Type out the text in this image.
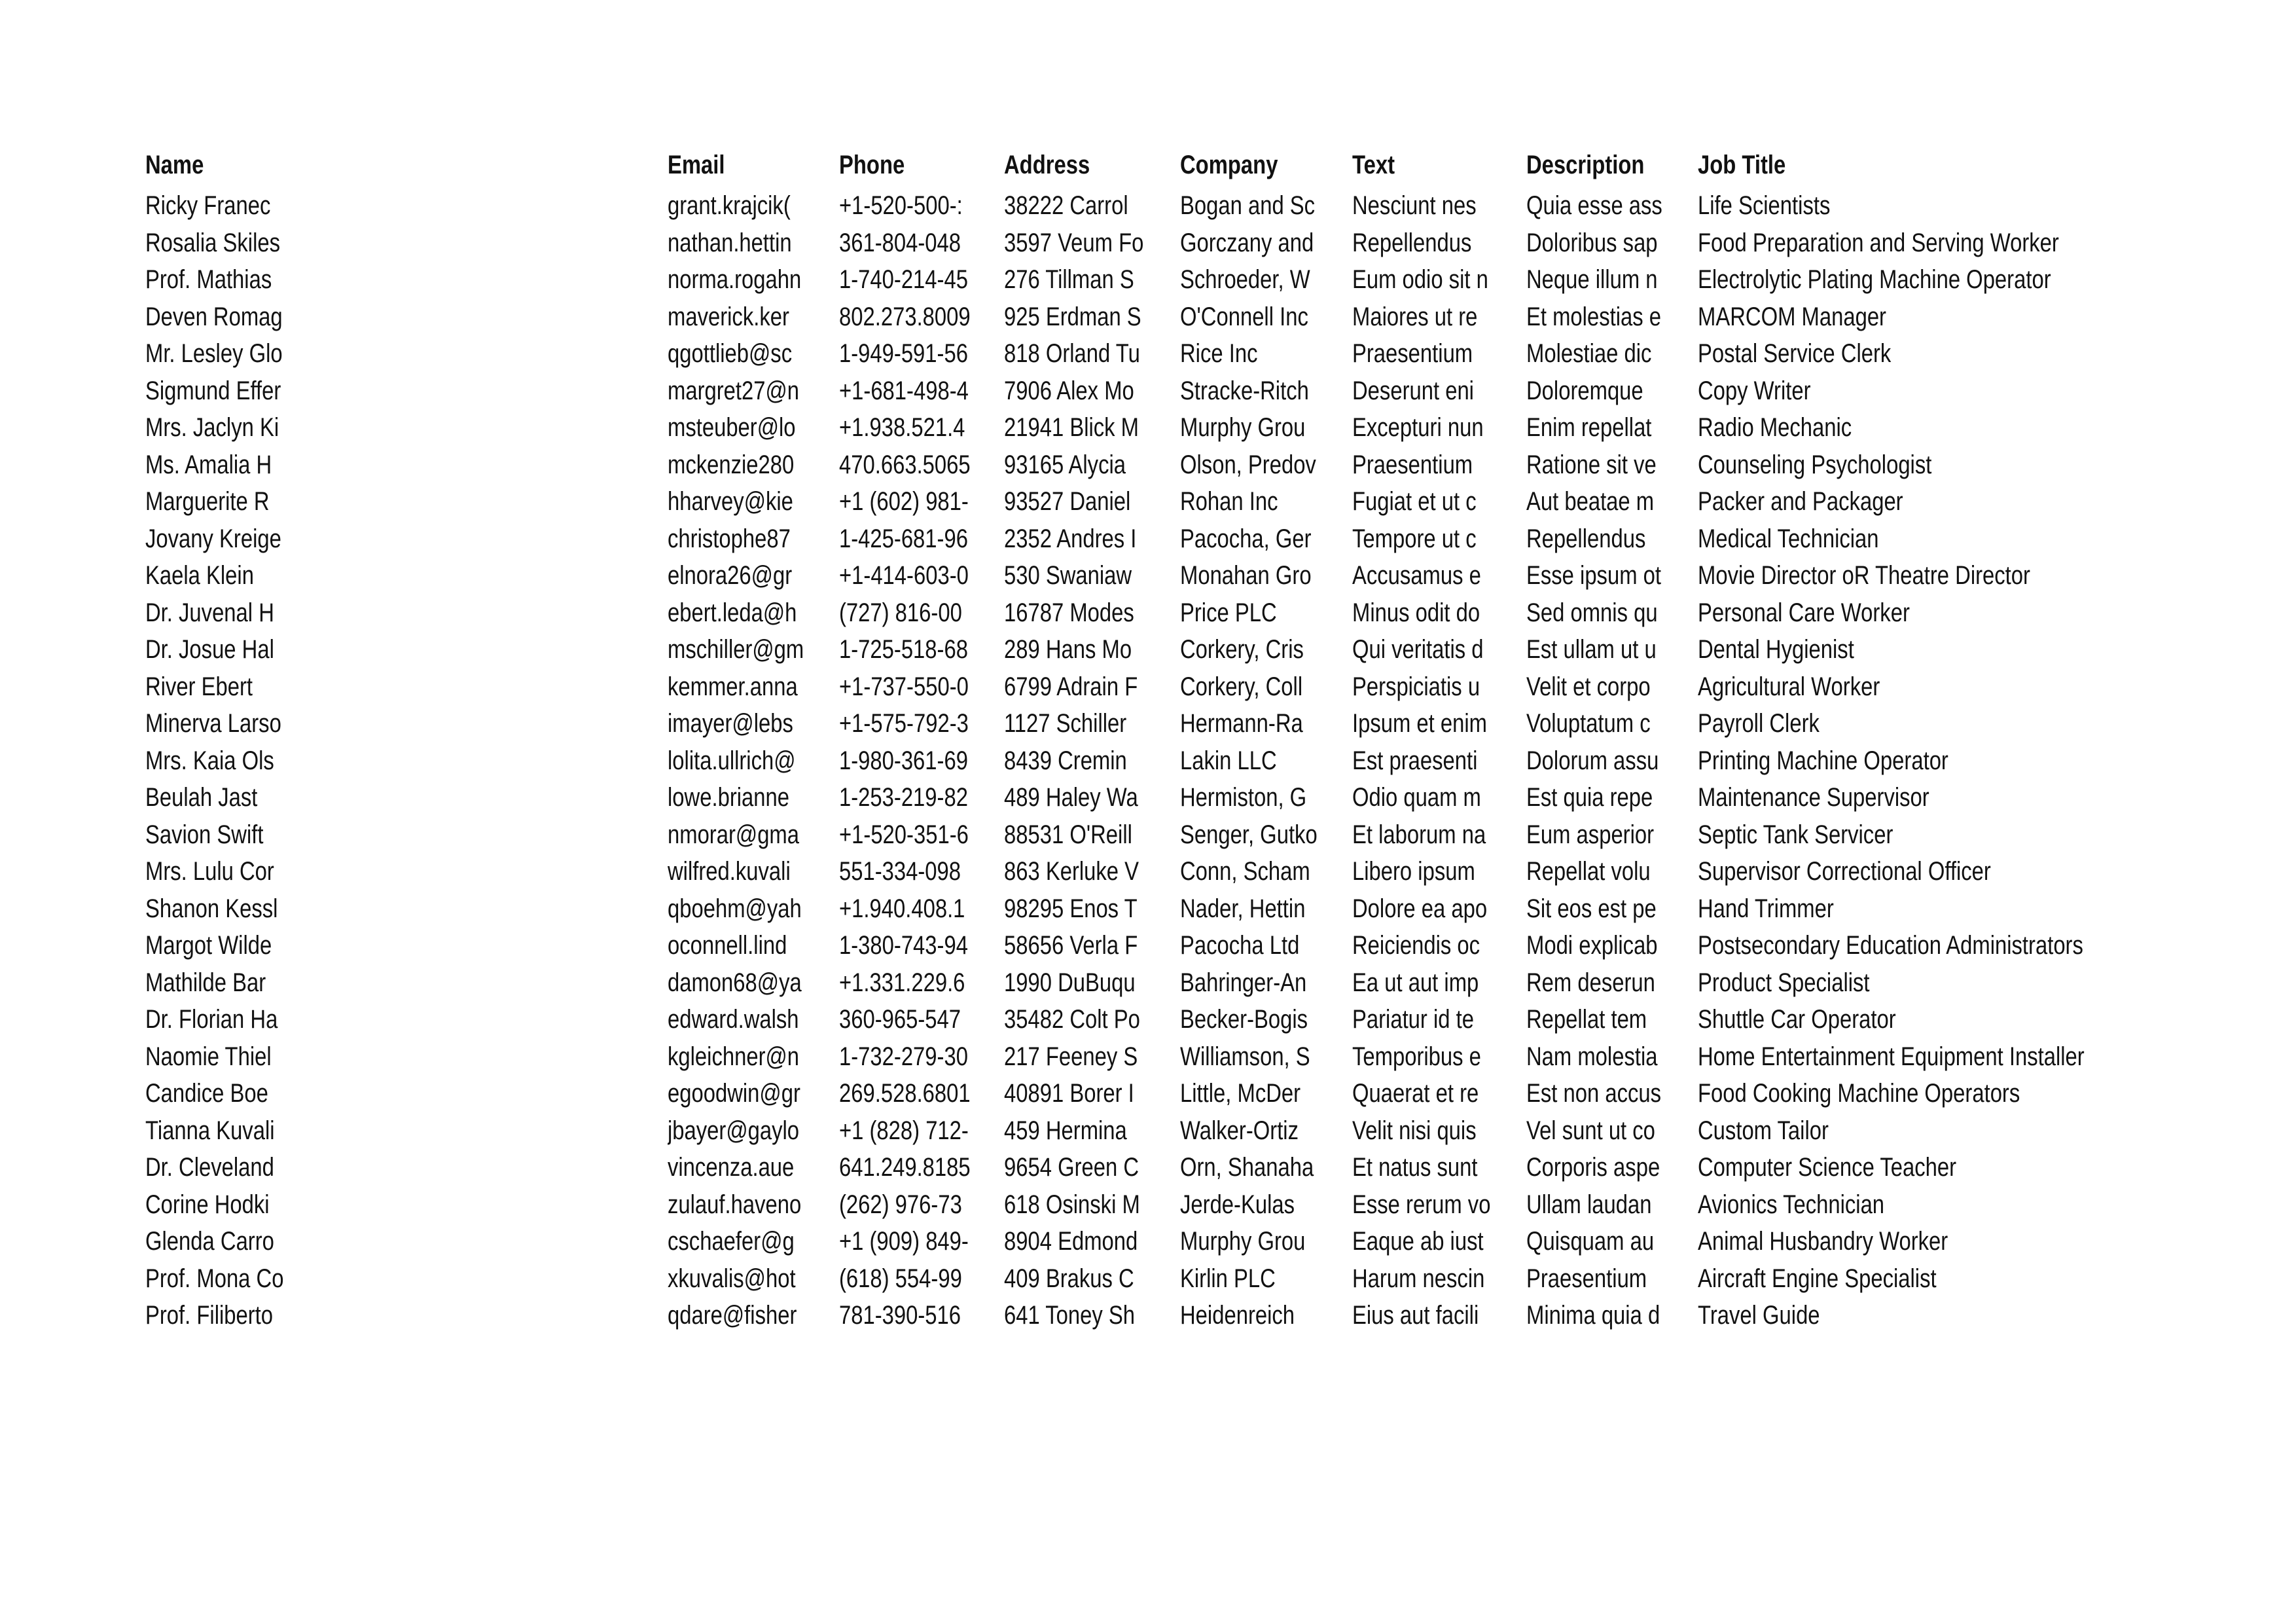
Name	Email	Phone	Address	Company	Text	Description	Job Title
Ricky Franec	grant.krajcik(	+1-520-500-:	38222 Carrol	Bogan and Sc	Nesciunt nes	Quia esse ass	Life Scientists
Rosalia Skiles	nathan.hettin	361-804-048	3597 Veum Fo	Gorczany and	Repellendus	Doloribus sap	Food Preparation and Serving Worker
Prof. Mathias	norma.rogahn	1-740-214-45	276 Tillman S	Schroeder, W	Eum odio sit n	Neque illum n	Electrolytic Plating Machine Operator
Deven Romag	maverick.ker	802.273.8009	925 Erdman S	O'Connell Inc	Maiores ut re	Et molestias e	MARCOM Manager
Mr. Lesley Glo	qgottlieb@sc	1-949-591-56	818 Orland Tu	Rice Inc	Praesentium	Molestiae dic	Postal Service Clerk
Sigmund Effer	margret27@n	+1-681-498-4	7906 Alex Mo	Stracke-Ritch	Deserunt eni	Doloremque	Copy Writer
Mrs. Jaclyn Ki	msteuber@lo	+1.938.521.4	21941 Blick M	Murphy Grou	Excepturi nun	Enim repellat	Radio Mechanic
Ms. Amalia H	mckenzie280	470.663.5065	93165 Alycia	Olson, Predov	Praesentium	Ratione sit ve	Counseling Psychologist
Marguerite R	hharvey@kie	+1 (602) 981-	93527 Daniel	Rohan Inc	Fugiat et ut c	Aut beatae m	Packer and Packager
Jovany Kreige	christophe87	1-425-681-96	2352 Andres I	Pacocha, Ger	Tempore ut c	Repellendus	Medical Technician
Kaela Klein	elnora26@gr	+1-414-603-0	530 Swaniaw	Monahan Gro	Accusamus e	Esse ipsum ot	Movie Director oR Theatre Director
Dr. Juvenal H	ebert.leda@h	(727) 816-00	16787 Modes	Price PLC	Minus odit do	Sed omnis qu	Personal Care Worker
Dr. Josue Hal	mschiller@gm	1-725-518-68	289 Hans Mo	Corkery, Cris	Qui veritatis d	Est ullam ut u	Dental Hygienist
River Ebert	kemmer.anna	+1-737-550-0	6799 Adrain F	Corkery, Coll	Perspiciatis u	Velit et corpo	Agricultural Worker
Minerva Larso	imayer@lebs	+1-575-792-3	1127 Schiller	Hermann-Ra	Ipsum et enim	Voluptatum c	Payroll Clerk
Mrs. Kaia Ols	lolita.ullrich@	1-980-361-69	8439 Cremin	Lakin LLC	Est praesenti	Dolorum assu	Printing Machine Operator
Beulah Jast	lowe.brianne	1-253-219-82	489 Haley Wa	Hermiston, G	Odio quam m	Est quia repe	Maintenance Supervisor
Savion Swift	nmorar@gma	+1-520-351-6	88531 O'Reill	Senger, Gutko	Et laborum na	Eum asperior	Septic Tank Servicer
Mrs. Lulu Cor	wilfred.kuvali	551-334-098	863 Kerluke V	Conn, Scham	Libero ipsum	Repellat volu	Supervisor Correctional Officer
Shanon Kessl	qboehm@yah	+1.940.408.1	98295 Enos T	Nader, Hettin	Dolore ea apo	Sit eos est pe	Hand Trimmer
Margot Wilde	oconnell.lind	1-380-743-94	58656 Verla F	Pacocha Ltd	Reiciendis oc	Modi explicab	Postsecondary Education Administrators
Mathilde Bar	damon68@ya	+1.331.229.6	1990 DuBuqu	Bahringer-An	Ea ut aut imp	Rem deserun	Product Specialist
Dr. Florian Ha	edward.walsh	360-965-547	35482 Colt Po	Becker-Bogis	Pariatur id te	Repellat tem	Shuttle Car Operator
Naomie Thiel	kgleichner@n	1-732-279-30	217 Feeney S	Williamson, S	Temporibus e	Nam molestia	Home Entertainment Equipment Installer
Candice Boe	egoodwin@gr	269.528.6801	40891 Borer I	Little, McDer	Quaerat et re	Est non accus	Food Cooking Machine Operators
Tianna Kuvali	jbayer@gaylo	+1 (828) 712-	459 Hermina	Walker-Ortiz	Velit nisi quis	Vel sunt ut co	Custom Tailor
Dr. Cleveland	vincenza.aue	641.249.8185	9654 Green C	Orn, Shanaha	Et natus sunt	Corporis aspe	Computer Science Teacher
Corine Hodki	zulauf.haveno	(262) 976-73	618 Osinski M	Jerde-Kulas	Esse rerum vo	Ullam laudan	Avionics Technician
Glenda Carro	cschaefer@g	+1 (909) 849-	8904 Edmond	Murphy Grou	Eaque ab iust	Quisquam au	Animal Husbandry Worker
Prof. Mona Co	xkuvalis@hot	(618) 554-99	409 Brakus C	Kirlin PLC	Harum nescin	Praesentium	Aircraft Engine Specialist
Prof. Filiberto	qdare@fisher	781-390-516	641 Toney Sh	Heidenreich	Eius aut facili	Minima quia d	Travel Guide
